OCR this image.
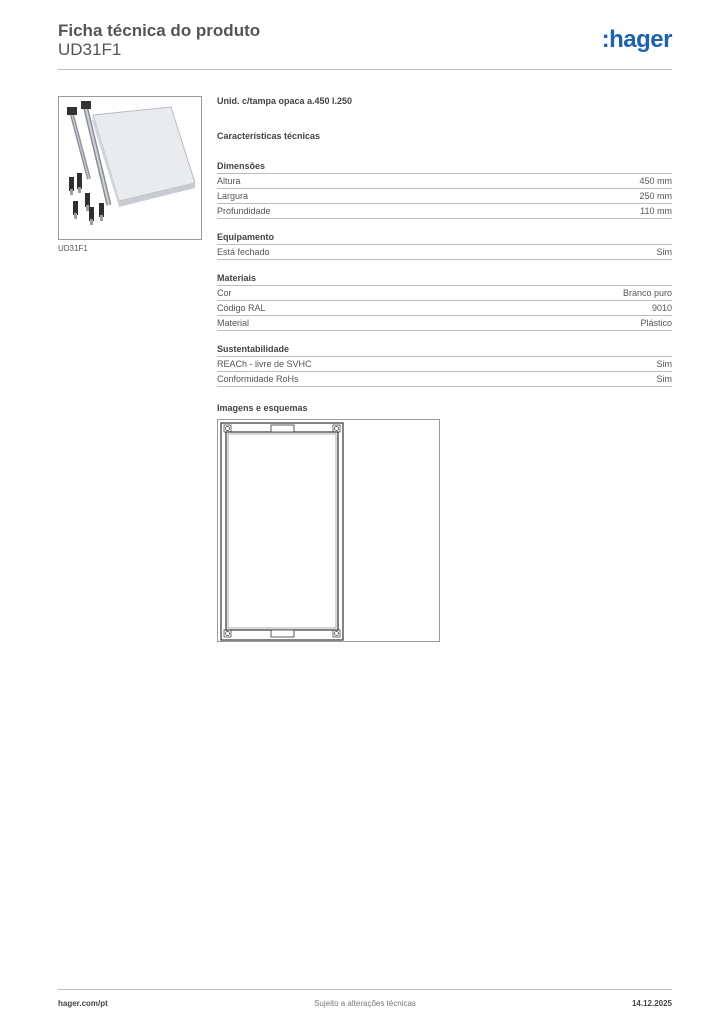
Ficha técnica do produto
UD31F1	:hager
UD31F1
Unid. c/tampa opaca a.450 l.250
Características técnicas
Dimensões
Altura	450 mm
Largura	250 mm
Profundidade	110 mm
Equipamento
Está fechado	Sim
Materiais
Cor	Branco puro
Código RAL	9010
Material	Plástico
Sustentabilidade
REACh - livre de SVHC	Sim
Conformidade RoHs	Sim
Imagens e esquemas
hager.com/pt	Sujeito a alterações técnicas	14.12.2025
